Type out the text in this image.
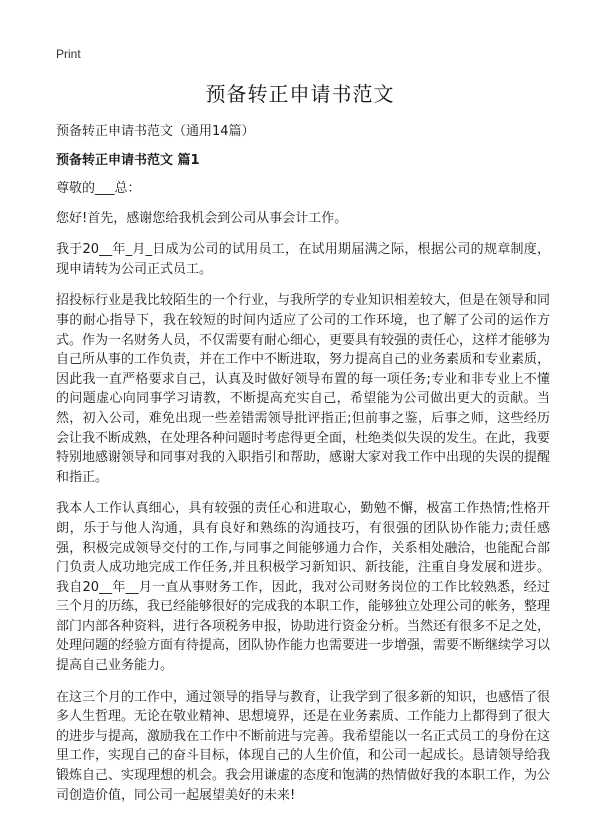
Print
预备转正申请书范文
预备转正申请书范文（通用14篇）
预备转正申请书范文 篇1

尊敬的___总：

您好!首先，感谢您给我机会到公司从事会计工作。

我于20__年_月_日成为公司的试用员工，在试用期届满之际，根据公司的规章制度，现申请转为公司正式员工。

招投标行业是我比较陌生的一个行业，与我所学的专业知识相差较大，但是在领导和同事的耐心指导下，我在较短的时间内适应了公司的工作环境，也了解了公司的运作方式。作为一名财务人员，不仅需要有耐心细心，更要具有较强的责任心，这样才能够为自己所从事的工作负责，并在工作中不断进取，努力提高自己的业务素质和专业素质，因此我一直严格要求自己，认真及时做好领导布置的每一项任务;专业和非专业上不懂的问题虚心向同事学习请教，不断提高充实自己，希望能为公司做出更大的贡献。当然，初入公司，难免出现一些差错需领导批评指正;但前事之鉴，后事之师，这些经历会让我不断成熟，在处理各种问题时考虑得更全面，杜绝类似失误的发生。在此，我要特别地感谢领导和同事对我的入职指引和帮助，感谢大家对我工作中出现的失误的提醒和指正。

我本人工作认真细心，具有较强的责任心和进取心，勤勉不懈，极富工作热情;性格开朗，乐于与他人沟通，具有良好和熟练的沟通技巧，有很强的团队协作能力;责任感强，积极完成领导交付的工作,与同事之间能够通力合作，关系相处融洽，也能配合部门负责人成功地完成工作任务,并且积极学习新知识、新技能，注重自身发展和进步。我自20__年__月一直从事财务工作，因此，我对公司财务岗位的工作比较熟悉，经过三个月的历练，我已经能够很好的完成我的本职工作，能够独立处理公司的帐务，整理部门内部各种资料，进行各项税务申报，协助进行资金分析。当然还有很多不足之处，处理问题的经验方面有待提高，团队协作能力也需要进一步增强，需要不断继续学习以提高自己业务能力。

在这三个月的工作中，通过领导的指导与教育，让我学到了很多新的知识，也感悟了很多人生哲理。无论在敬业精神、思想境界，还是在业务素质、工作能力上都得到了很大的进步与提高，激励我在工作中不断前进与完善。我希望能以一名正式员工的身份在这里工作，实现自己的奋斗目标，体现自己的人生价值，和公司一起成长。恳请领导给我锻炼自己、实现理想的机会。我会用谦虚的态度和饱满的热情做好我的本职工作，为公司创造价值，同公司一起展望美好的未来!
